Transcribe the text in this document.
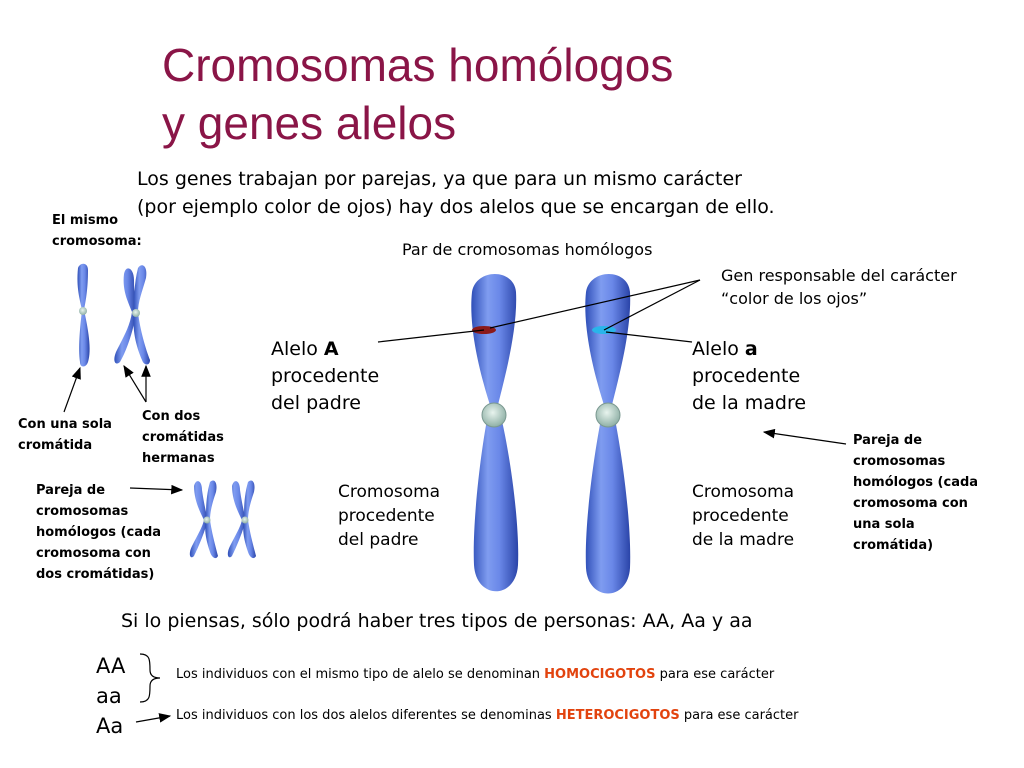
Cromosomas homólogos
y genes alelos
Los genes trabajan por parejas, ya que para un mismo carácter
(por ejemplo color de ojos) hay dos alelos que se encargan de ello.
El mismo
cromosoma:
Con una sola
cromátida
Con dos
cromátidas
hermanas
Pareja de
cromosomas
homólogos (cada
cromosoma con
dos cromátidas)
Par de cromosomas homólogos
Gen responsable del carácter
“color de los ojos”
Alelo A
procedente
del padre
Alelo a
procedente
de la madre
Cromosoma
procedente
del padre
Cromosoma
procedente
de la madre
Pareja de
cromosomas
homólogos (cada
cromosoma con
una sola
cromátida)
Si lo piensas, sólo podrá haber tres tipos de personas: AA, Aa y aa
AA
aa
Aa
Los individuos con el mismo tipo de alelo se denominan HOMOCIGOTOS para ese carácter
Los individuos con los dos alelos diferentes se denominas HETEROCIGOTOS para ese carácter
